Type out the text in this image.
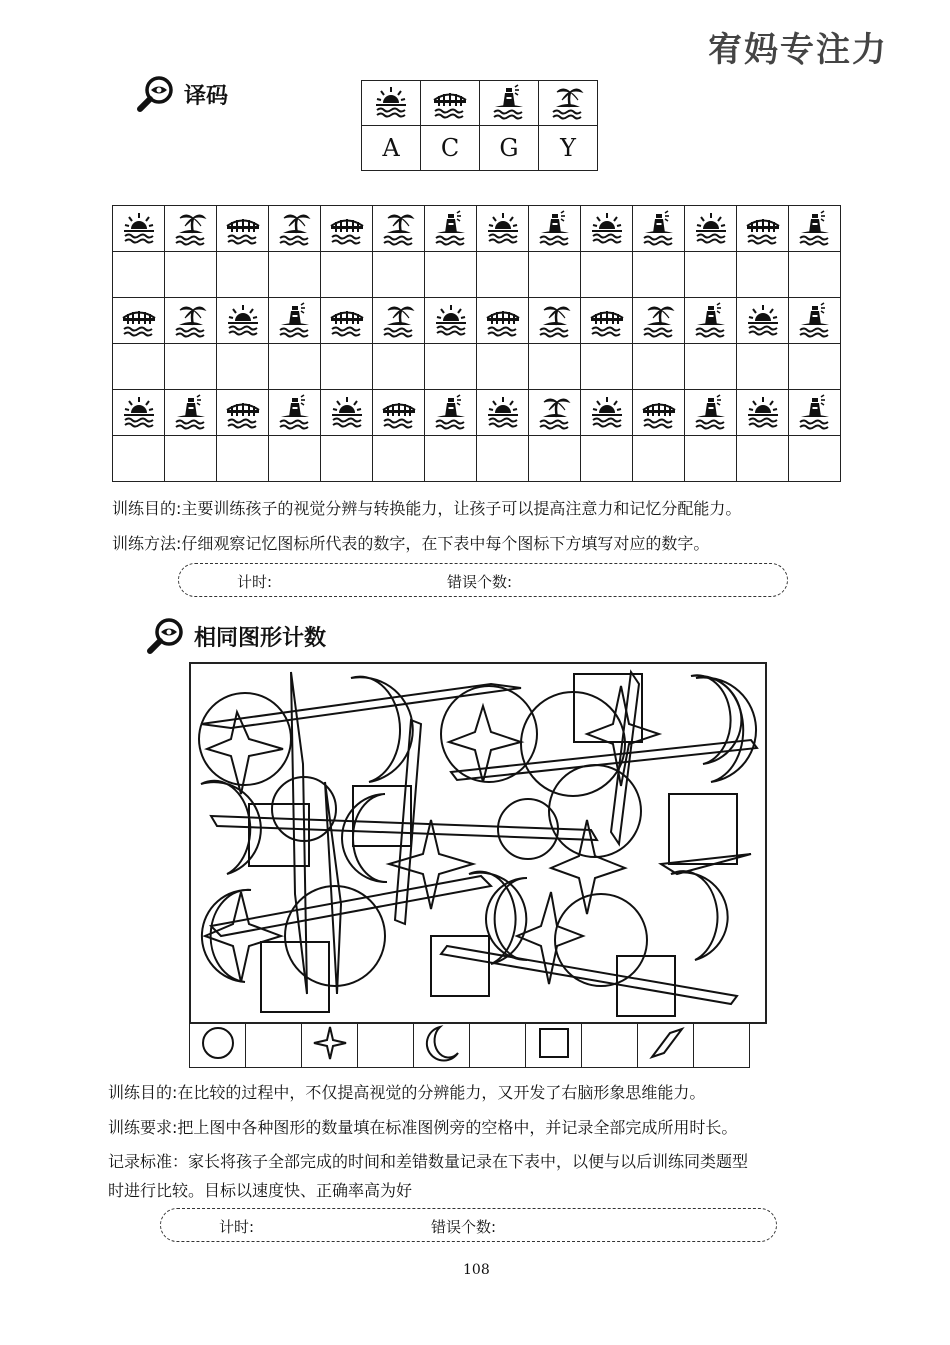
宥妈专注力
译码

A	C	G	Y

训练目的:主要训练孩子的视觉分辨与转换能力，让孩子可以提高注意力和记忆分配能力。
训练方法:仔细观察记忆图标所代表的数字，在下表中每个图标下方填写对应的数字。
计时:	错误个数:
相同图形计数

训练目的:在比较的过程中，不仅提高视觉的分辨能力，又开发了右脑形象思维能力。
训练要求:把上图中各种图形的数量填在标准图例旁的空格中，并记录全部完成所用时长。
记录标准：家长将孩子全部完成的时间和差错数量记录在下表中，以便与以后训练同类题型
时进行比较。目标以速度快、正确率高为好
计时:	错误个数:
108
